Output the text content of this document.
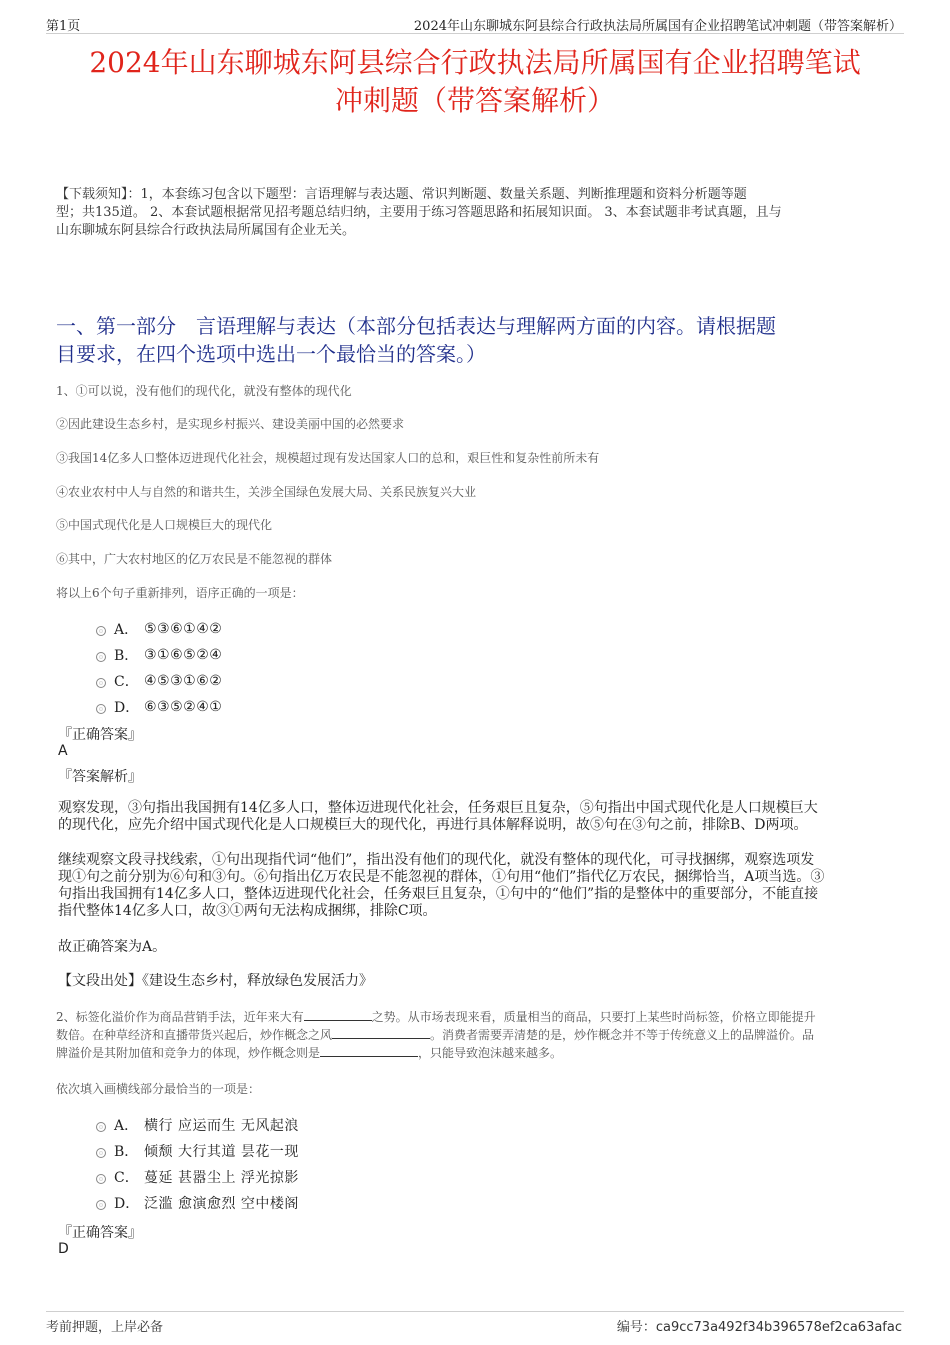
第1页	2024年山东聊城东阿县综合行政执法局所属国有企业招聘笔试冲刺题（带答案解析）
2024年山东聊城东阿县综合行政执法局所属国有企业招聘笔试
冲刺题（带答案解析）
【下载须知】：1，本套练习包含以下题型：言语理解与表达题、常识判断题、数量关系题、判断推理题和资料分析题等题
型；共135道。 2、本套试题根据常见招考题总结归纳，主要用于练习答题思路和拓展知识面。 3、本套试题非考试真题，且与
山东聊城东阿县综合行政执法局所属国有企业无关。
一、第一部分　言语理解与表达（本部分包括表达与理解两方面的内容。请根据题
目要求，在四个选项中选出一个最恰当的答案。）
1、①可以说，没有他们的现代化，就没有整体的现代化
②因此建设生态乡村，是实现乡村振兴、建设美丽中国的必然要求
③我国14亿多人口整体迈进现代化社会，规模超过现有发达国家人口的总和，艰巨性和复杂性前所未有
④农业农村中人与自然的和谐共生，关涉全国绿色发展大局、关系民族复兴大业
⑤中国式现代化是人口规模巨大的现代化
⑥其中，广大农村地区的亿万农民是不能忽视的群体
将以上6个句子重新排列，语序正确的一项是：
A． ⑤③⑥①④②
B． ③①⑥⑤②④
C． ④⑤③①⑥②
D． ⑥③⑤②④①
『正确答案』
A
『答案解析』
观察发现，③句指出我国拥有14亿多人口，整体迈进现代化社会，任务艰巨且复杂，⑤句指出中国式现代化是人口规模巨大
的现代化，应先介绍中国式现代化是人口规模巨大的现代化，再进行具体解释说明，故⑤句在③句之前，排除B、D两项。
继续观察文段寻找线索，①句出现指代词“他们”，指出没有他们的现代化，就没有整体的现代化，可寻找捆绑，观察选项发
现①句之前分别为⑥句和③句。⑥句指出亿万农民是不能忽视的群体，①句用“他们”指代亿万农民，捆绑恰当，A项当选。③
句指出我国拥有14亿多人口，整体迈进现代化社会，任务艰巨且复杂，①句中的“他们”指的是整体中的重要部分，不能直接
指代整体14亿多人口，故③①两句无法构成捆绑，排除C项。
故正确答案为A。
【文段出处】《建设生态乡村，释放绿色发展活力》
2、标签化溢价作为商品营销手法，近年来大有	之势。从市场表现来看，质量相当的商品，只要打上某些时尚标签，价格立即能提升
数倍。在种草经济和直播带货兴起后，炒作概念之风	。消费者需要弄清楚的是，炒作概念并不等于传统意义上的品牌溢价。品
牌溢价是其附加值和竞争力的体现，炒作概念则是	，只能导致泡沫越来越多。
依次填入画横线部分最恰当的一项是：
A． 横行 应运而生 无风起浪
B． 倾颓 大行其道 昙花一现
C． 蔓延 甚嚣尘上 浮光掠影
D． 泛滥 愈演愈烈 空中楼阁
『正确答案』
D
考前押题，上岸必备	编号：ca9cc73a492f34b396578ef2ca63afac
